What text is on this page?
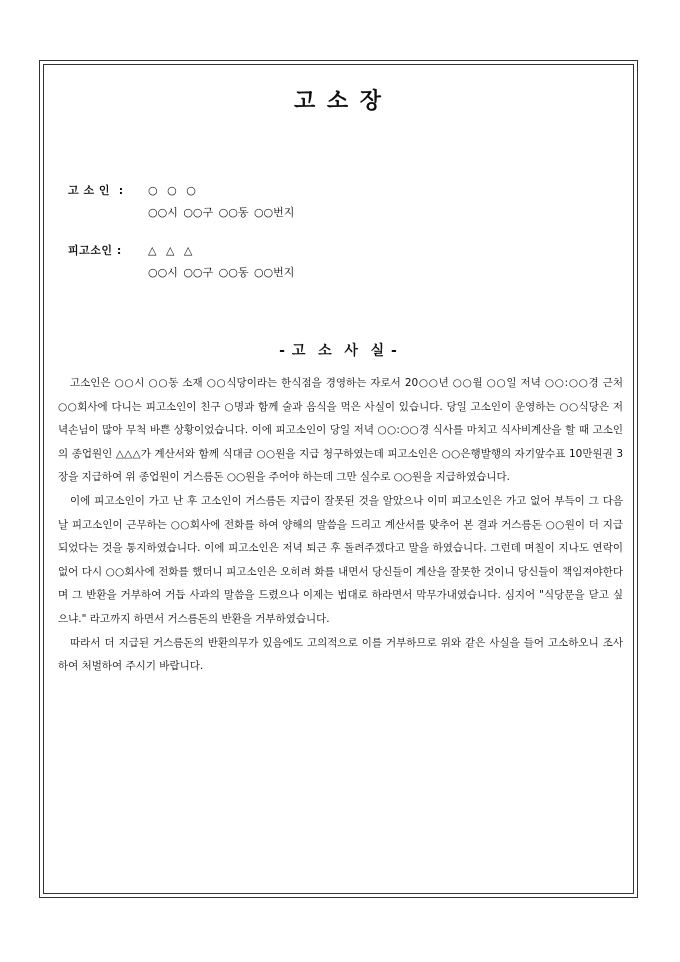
고 소 장
고 소 인  :	○ ○ ○
○○시 ○○구 ○○동 ○○번지
피고소인 :	△ △ △
○○시 ○○구 ○○동 ○○번지
- 고  소  사  실 -

고소인은 ○○시 ○○동 소재 ○○식당이라는 한식점을 경영하는 자로서 20○○년 ○○월 ○○일 저녁 ○○:○○경 근처 ○○회사에 다니는 피고소인이 친구 ○명과 함께 술과 음식을 먹은 사실이 있습니다. 당일 고소인이 운영하는 ○○식당은 저녁손님이 많아 무척 바쁜 상황이었습니다. 이에 피고소인이 당일 저녁 ○○:○○경 식사를 마치고 식사비계산을 할 때 고소인의 종업원인 △△△가 계산서와 함께 식대금 ○○원을 지급 청구하였는데 피고소인은 ○○은행발행의 자기앞수표 10만원권 3장을 지급하여 위 종업원이 거스름돈 ○○원을 주어야 하는데 그만 실수로 ○○원을 지급하였습니다.

이에 피고소인이 가고 난 후 고소인이 거스름돈 지급이 잘못된 것을 알았으나 이미 피고소인은 가고 없어 부득이 그 다음날 피고소인이 근무하는 ○○회사에 전화를 하여 양해의 말씀을 드리고 계산서를 맞추어 본 결과 거스름돈 ○○원이 더 지급되었다는 것을 통지하였습니다. 이에 피고소인은 저녁 퇴근 후 돌려주겠다고 말을 하였습니다. 그런데 며칠이 지나도 연락이 없어 다시 ○○회사에 전화를 했더니 피고소인은 오히려 화를 내면서 당신들이 계산을 잘못한 것이니 당신들이 책임져야한다며 그 반환을 거부하여 거듭 사과의 말씀을 드렸으나 이제는 법대로 하라면서 막무가내였습니다. 심지어 "식당문을 닫고 싶으냐." 라고까지 하면서 거스름돈의 반환을 거부하였습니다.

따라서 더 지급된 거스름돈의 반환의무가 있음에도 고의적으로 이를 거부하므로 위와 같은 사실을 들어 고소하오니 조사하여 처벌하여 주시기 바랍니다.
